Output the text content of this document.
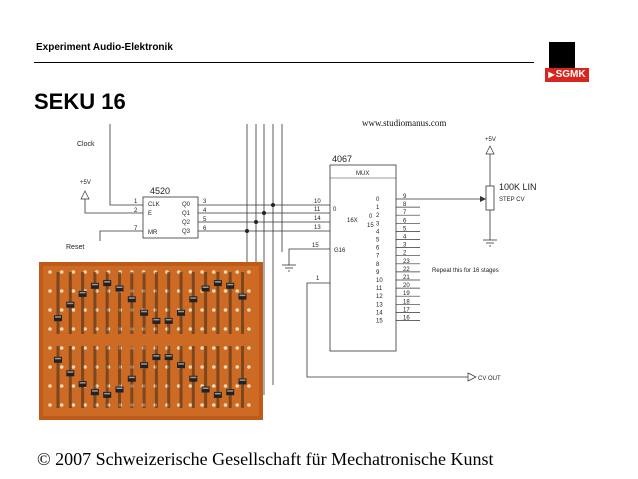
Experiment Audio-Elektronik
▶SGMK
SEKU 16
www.studiomanus.com
Clock
+5V
Reset
4520
CLK
E
MR
Q0
Q1
Q2
Q3
1
2
7
3
4
5
6
4067
MUX
0
16X
0
15
G16
15
1
10
11
14
13
CV OUT
0	9
1	8
2	7
3	6
4	5
5	4
6	3
7	2
8	23
9	22
10	21
11	20
12	19
13	18
14	17
15	16
+5V
100K LIN
STEP CV
Repeat this for 16 stages
© 2007 Schweizerische Gesellschaft für Mechatronische Kunst
